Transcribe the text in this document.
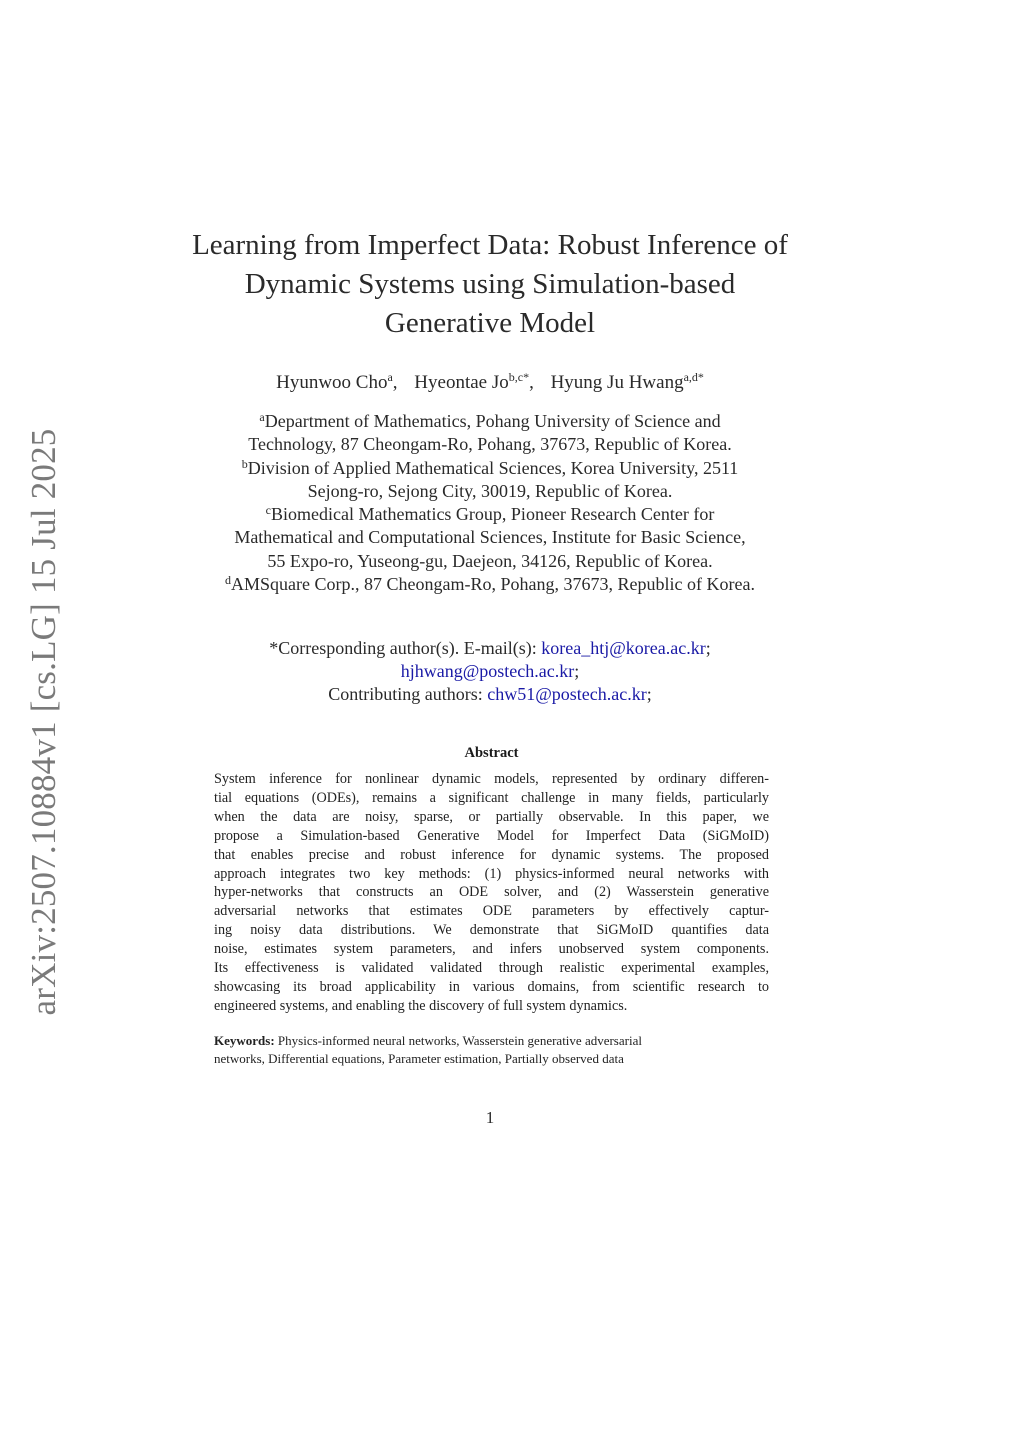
arXiv:2507.10884v1 [cs.LG] 15 Jul 2025
Learning from Imperfect Data: Robust Inference of
Dynamic Systems using Simulation-based
Generative Model
Hyunwoo Cho$^a$, Hyeontae $Jo^{b,c*}$, Hyung Ju Hwang$^{a,d*}$
$^a$Department of Mathematics, Pohang University of Science and
Technology, 87 Cheongam-Ro, Pohang, 37673, Republic of Korea.
$^b$Division of Applied Mathematical Sciences, Korea University, 2511
Sejong-ro, Sejong City, 30019, Republic of Korea.
$^c$Biomedical Mathematics Group, Pioneer Research Center for
Mathematical and Computational Sciences, Institute for Basic Science,
55 Expo-ro, Yuseong-gu, Daejeon, 34126, Republic of Korea.
$^d$AMSquare Corp., 87 Cheongam-Ro, Pohang, 37673, Republic of Korea.
*Corresponding author(s). E-mail(s): korea_htj@korea.ac.kr;
hjhwang@postech.ac.kr;
Contributing authors: chw51@postech.ac.kr;
Abstract
System inference for nonlinear dynamic models, represented by ordinary differen-
tial equations (ODEs), remains a significant challenge in many fields, particularly
when the data are noisy, sparse, or partially observable. In this paper, we
propose a Simulation-based Generative Model for Imperfect Data (SiGMoID)
that enables precise and robust inference for dynamic systems. The proposed
approach integrates two key methods: (1) physics-informed neural networks with
hyper-networks that constructs an ODE solver, and (2) Wasserstein generative
adversarial networks that estimates ODE parameters by effectively captur-
ing noisy data distributions. We demonstrate that SiGMoID quantifies data
noise, estimates system parameters, and infers unobserved system components.
Its effectiveness is validated validated through realistic experimental examples,
showcasing its broad applicability in various domains, from scientific research to
engineered systems, and enabling the discovery of full system dynamics.
Keywords: Physics-informed neural networks, Wasserstein generative adversarial
networks, Differential equations, Parameter estimation, Partially observed data
1
